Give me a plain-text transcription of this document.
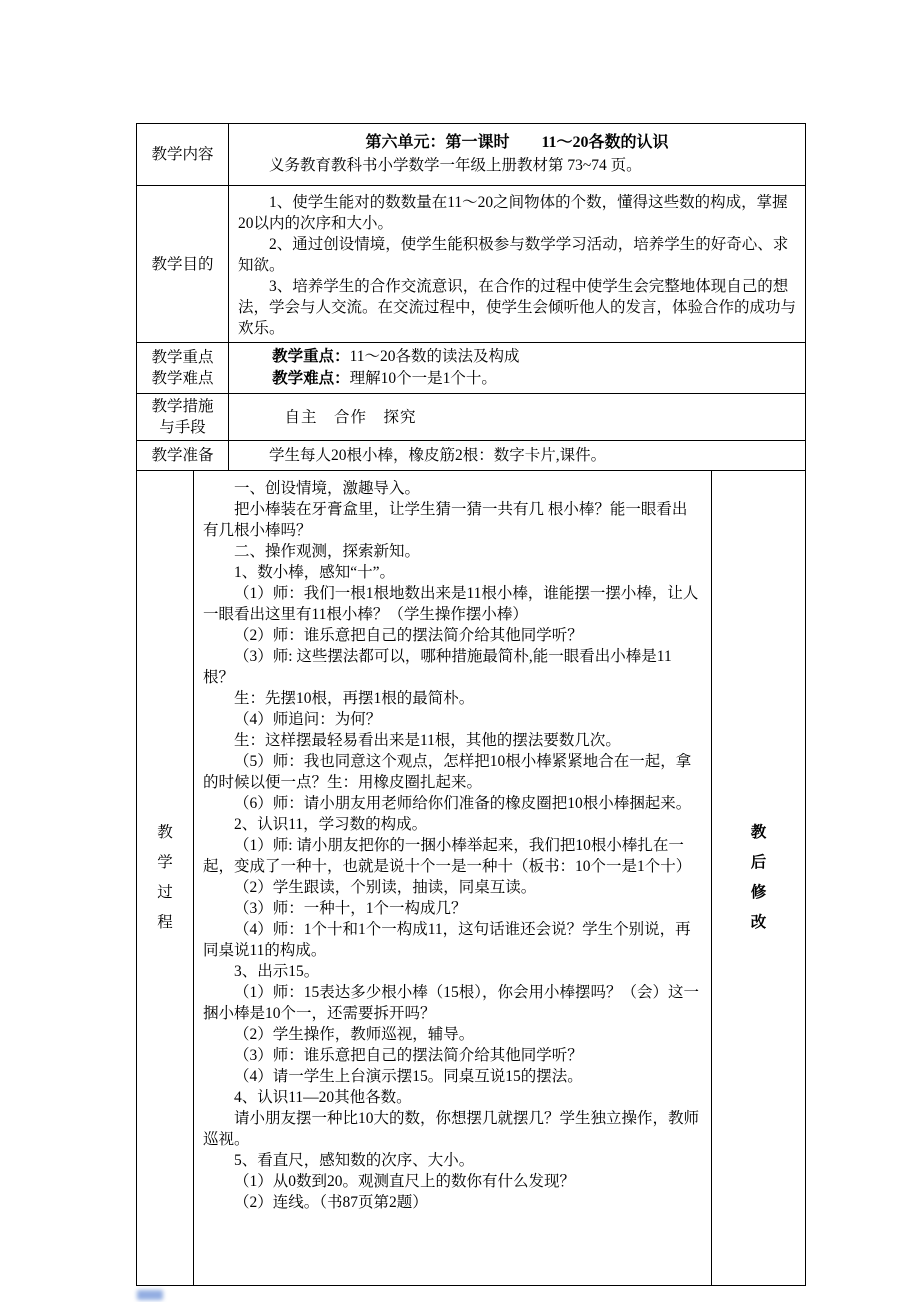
教学内容
第六单元：第一课时　　11～20各数的认识
义务教育教科书小学数学一年级上册教材第 73~74 页。
教学目的

1、使学生能对的数数量在11～20之间物体的个数，懂得这些数的构成，掌握20以内的次序和大小。

2、通过创设情境，使学生能积极参与数学学习活动，培养学生的好奇心、求知欲。

3、培养学生的合作交流意识，在合作的过程中使学生会完整地体现自己的想法，学会与人交流。在交流过程中，使学生会倾听他人的发言，体验合作的成功与欢乐。

教学重点
教学难点

教学重点：11～20各数的读法及构成

教学难点：理解10个一是1个十。

教学措施
与手段
自主　合作　探究
教学准备	学生每人20根小棒，橡皮筋2根：数字卡片,课件。
教学过程

一、创设情境，激趣导入。

把小棒装在牙膏盒里，让学生猜一猜一共有几 根小棒？能一眼看出有几根小棒吗？

二、操作观测，探索新知。

1、数小棒，感知“十”。

（1）师：我们一根1根地数出来是11根小棒，谁能摆一摆小棒，让人一眼看出这里有11根小棒？（学生操作摆小棒）

（2）师：谁乐意把自己的摆法简介给其他同学听？

（3）师: 这些摆法都可以，哪种措施最简朴,能一眼看出小棒是11根？

生：先摆10根，再摆1根的最简朴。

（4）师追问：为何？

生：这样摆最轻易看出来是11根，其他的摆法要数几次。

（5）师：我也同意这个观点，怎样把10根小棒紧紧地合在一起，拿的时候以便一点？生：用橡皮圈扎起来。

（6）师：请小朋友用老师给你们准备的橡皮圈把10根小棒捆起来。

2、认识11，学习数的构成。

（1）师: 请小朋友把你的一捆小棒举起来，我们把10根小棒扎在一起，变成了一种十，也就是说十个一是一种十（板书：10个一是1个十）

（2）学生跟读，个别读，抽读，同桌互读。

（3）师：一种十，1个一构成几？

（4）师：1个十和1个一构成11，这句话谁还会说？学生个别说，再同桌说11的构成。

3、出示15。

（1）师：15表达多少根小棒（15根），你会用小棒摆吗？（会）这一捆小棒是10个一，还需要拆开吗？

（2）学生操作，教师巡视，辅导。

（3）师：谁乐意把自己的摆法简介给其他同学听？

（4）请一学生上台演示摆15。同桌互说15的摆法。

4、认识11—20其他各数。

请小朋友摆一种比10大的数，你想摆几就摆几？学生独立操作，教师巡视。

5、看直尺，感知数的次序、大小。

（1）从0数到20。观测直尺上的数你有什么发现？

（2）连线。（书87页第2题）

教后修改
